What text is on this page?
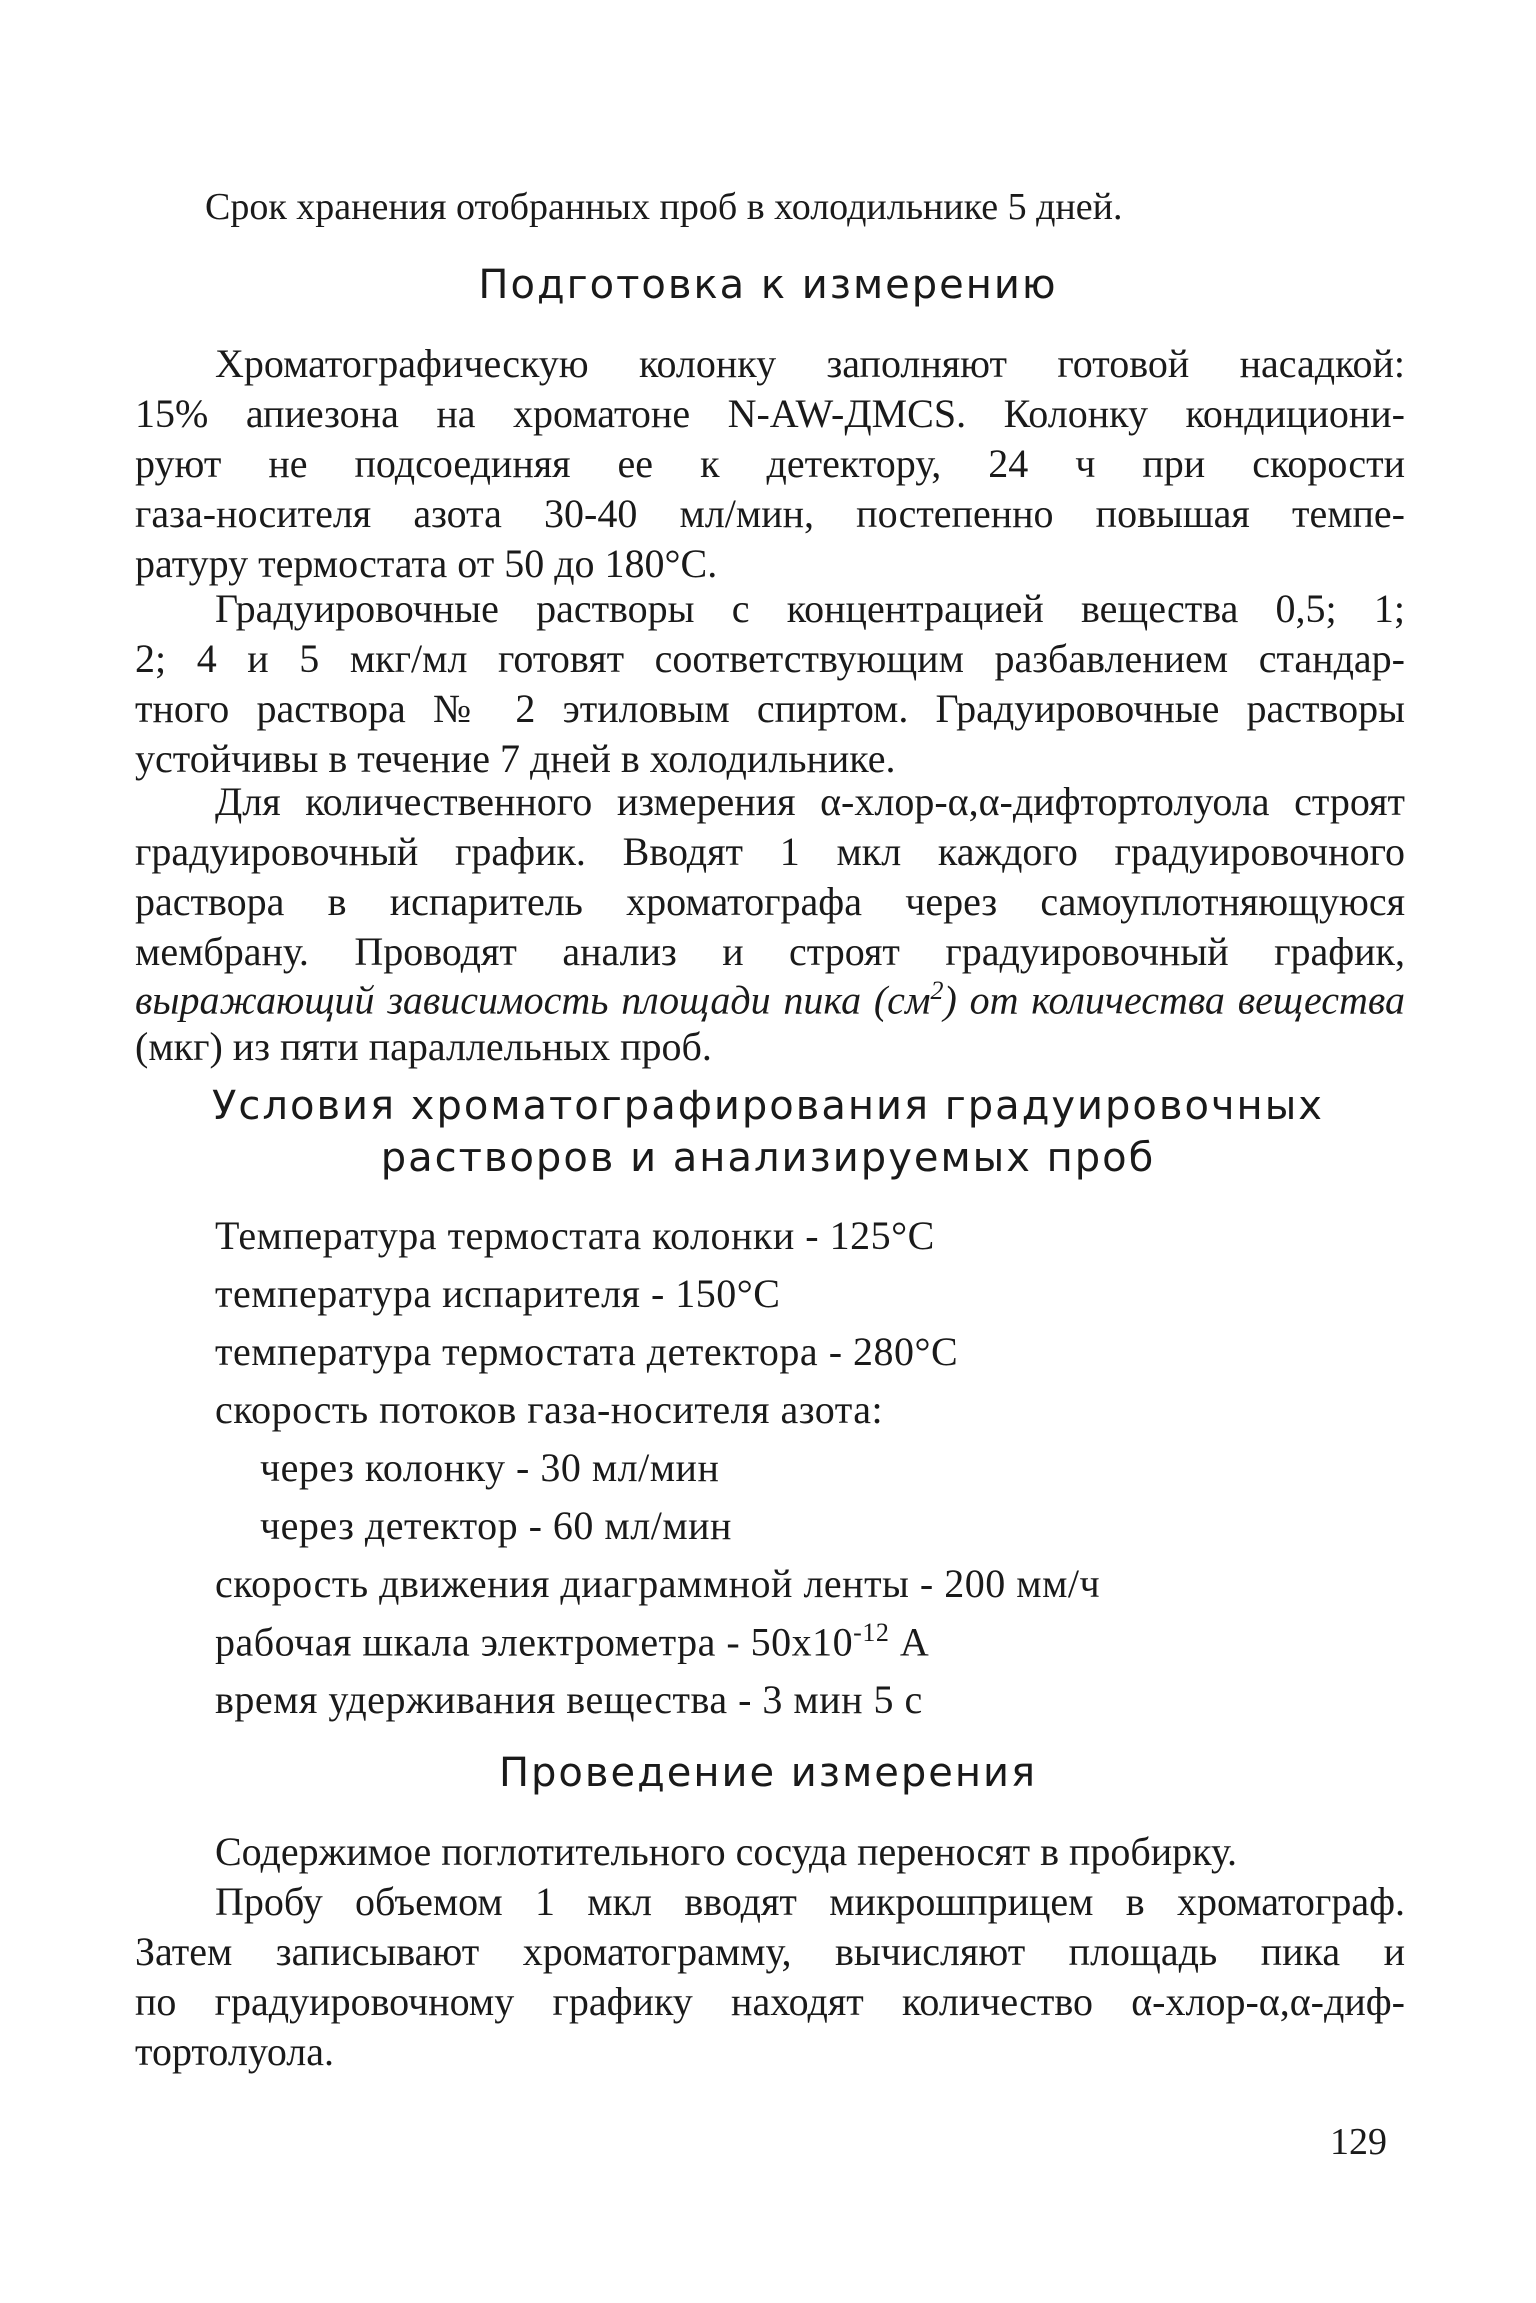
Срок хранения отобранных проб в холодильнике 5 дней.
Подготовка к измерению
Хроматографическую колонку заполняют готовой насадкой:
15% апиезона на хроматоне N-AW-ДМCS. Колонку кондициони-
руют не подсоединяя ее к детектору, 24 ч при скорости
газа-носителя азота 30-40 мл/мин, постепенно повышая темпе-
ратуру термостата от 50 до 180°С.
Градуировочные растворы с концентрацией вещества 0,5; 1;
2; 4 и 5 мкг/мл готовят соответствующим разбавлением стандар-
тного раствора № 2 этиловым спиртом. Градуировочные растворы
устойчивы в течение 7 дней в холодильнике.
Для количественного измерения α-хлор-α,α-дифтортолуола строят
градуировочный график. Вводят 1 мкл каждого градуировочного
раствора в испаритель хроматографа через самоуплотняющуюся
мембрану. Проводят анализ и строят градуировочный график,
выражающий зависимость площади пика $(см^2)$ от количества вещества
(мкг) из пяти параллельных проб.
Условия хроматографирования градуировочных
растворов и анализируемых проб
Температура термостата колонки - 125°С
температура испарителя - 150°С
температура термостата детектора - 280°С
скорость потоков газа-носителя азота:
через колонку - 30 мл/мин
через детектор - 60 мл/мин
скорость движения диаграммной ленты - 200 мм/ч
рабочая шкала электрометра - $50х10^{-12}$ А
время удерживания вещества - 3 мин 5 с
Проведение измерения
Содержимое поглотительного сосуда переносят в пробирку.
Пробу объемом 1 мкл вводят микрошприцем в хроматограф.
Затем записывают хроматограмму, вычисляют площадь пика и
по градуировочному графику находят количество α-хлор-α,α-диф-
тортолуола.
129
